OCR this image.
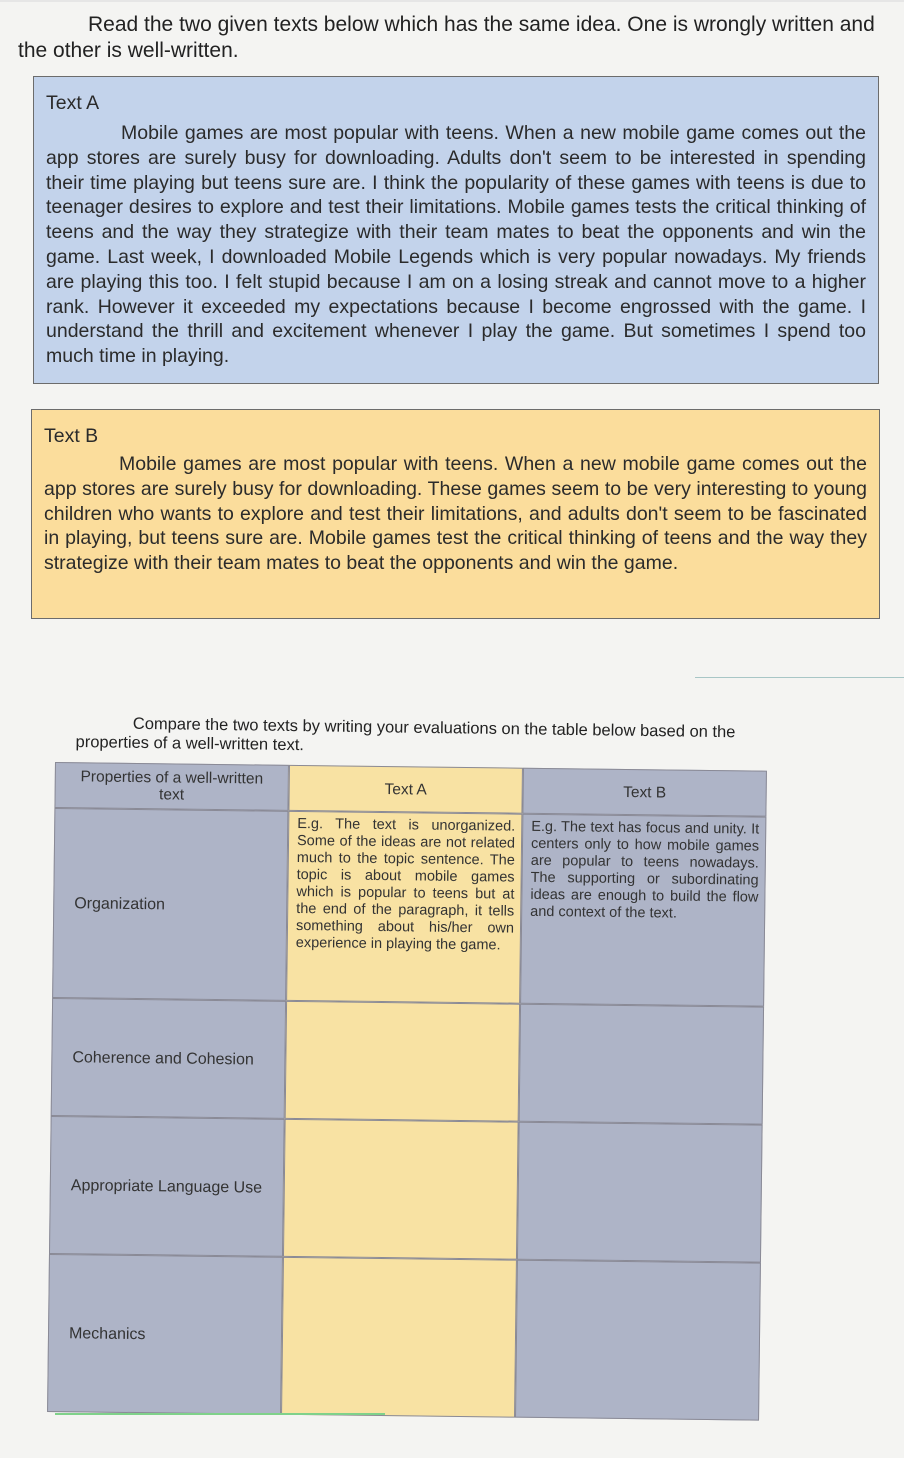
Read the two given texts below which has the same idea. One is wrongly written and the other is well-written.

Text A

Mobile games are most popular with teens. When a new mobile game comes out the app stores are surely busy for downloading. Adults don't seem to be interested in spending their time playing but teens sure are. I think the popularity of these games with teens is due to teenager desires to explore and test their limitations. Mobile games tests the critical thinking of teens and the way they strategize with their team mates to beat the opponents and win the game. Last week, I downloaded Mobile Legends which is very popular nowadays. My friends are playing this too. I felt stupid because I am on a losing streak and cannot move to a higher rank. However it exceeded my expectations because I become engrossed with the game. I understand the thrill and excitement whenever I play the game. But sometimes I spend too much time in playing.

Text B

Mobile games are most popular with teens. When a new mobile game comes out the app stores are surely busy for downloading. These games seem to be very interesting to young children who wants to explore and test their limitations, and adults don't seem to be fascinated in playing, but teens sure are. Mobile games test the critical thinking of teens and the way they strategize with their team mates to beat the opponents and win the game.

Compare the two texts by writing your evaluations on the table below based on the properties of a well-written text.

Properties of a well-written text	Text A	Text B
Organization
E.g. The text is unorganized. Some of the ideas are not related much to the topic sentence. The topic is about mobile games which is popular to teens but at the end of the paragraph, it tells something about his/her own experience in playing the game.
E.g. The text has focus and unity. It centers only to how mobile games are popular to teens nowadays. The supporting or subordinating ideas are enough to build the flow and context of the text.
Coherence and Cohesion
Appropriate Language Use
Mechanics
